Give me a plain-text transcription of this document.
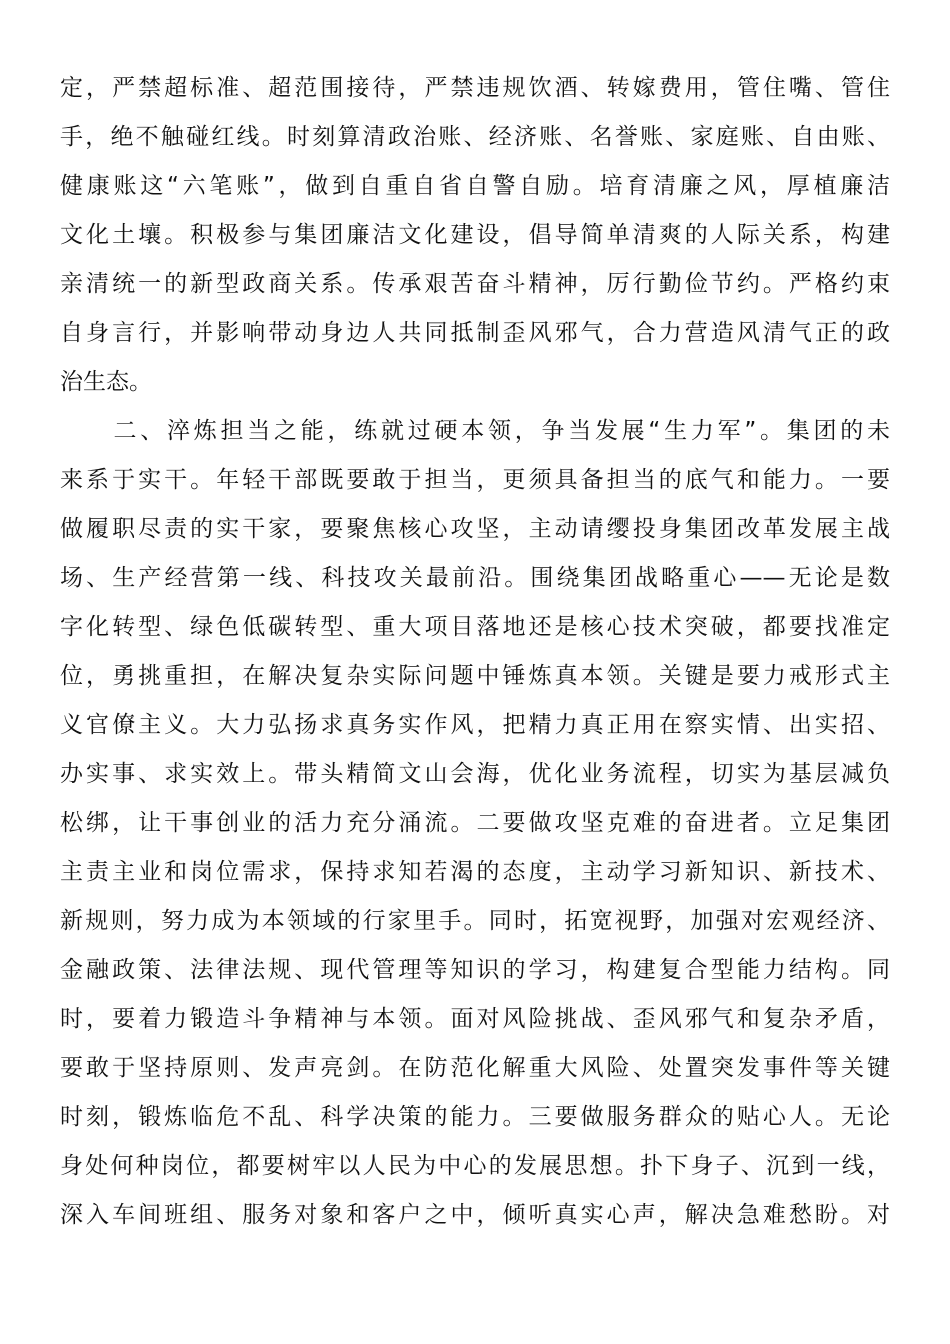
定，严禁超标准、超范围接待，严禁违规饮酒、转嫁费用，管住嘴、管住
手，绝不触碰红线。时刻算清政治账、经济账、名誉账、家庭账、自由账、
健康账这“六笔账”，做到自重自省自警自励。培育清廉之风，厚植廉洁
文化土壤。积极参与集团廉洁文化建设，倡导简单清爽的人际关系，构建
亲清统一的新型政商关系。传承艰苦奋斗精神，厉行勤俭节约。严格约束
自身言行，并影响带动身边人共同抵制歪风邪气，合力营造风清气正的政
治生态。
　　二、淬炼担当之能，练就过硬本领，争当发展“生力军”。集团的未
来系于实干。年轻干部既要敢于担当，更须具备担当的底气和能力。一要
做履职尽责的实干家，要聚焦核心攻坚，主动请缨投身集团改革发展主战
场、生产经营第一线、科技攻关最前沿。围绕集团战略重心——无论是数
字化转型、绿色低碳转型、重大项目落地还是核心技术突破，都要找准定
位，勇挑重担，在解决复杂实际问题中锤炼真本领。关键是要力戒形式主
义官僚主义。大力弘扬求真务实作风，把精力真正用在察实情、出实招、
办实事、求实效上。带头精简文山会海，优化业务流程，切实为基层减负
松绑，让干事创业的活力充分涌流。二要做攻坚克难的奋进者。立足集团
主责主业和岗位需求，保持求知若渴的态度，主动学习新知识、新技术、
新规则，努力成为本领域的行家里手。同时，拓宽视野，加强对宏观经济、
金融政策、法律法规、现代管理等知识的学习，构建复合型能力结构。同
时，要着力锻造斗争精神与本领。面对风险挑战、歪风邪气和复杂矛盾，
要敢于坚持原则、发声亮剑。在防范化解重大风险、处置突发事件等关键
时刻，锻炼临危不乱、科学决策的能力。三要做服务群众的贴心人。无论
身处何种岗位，都要树牢以人民为中心的发展思想。扑下身子、沉到一线，
深入车间班组、服务对象和客户之中，倾听真实心声，解决急难愁盼。对
